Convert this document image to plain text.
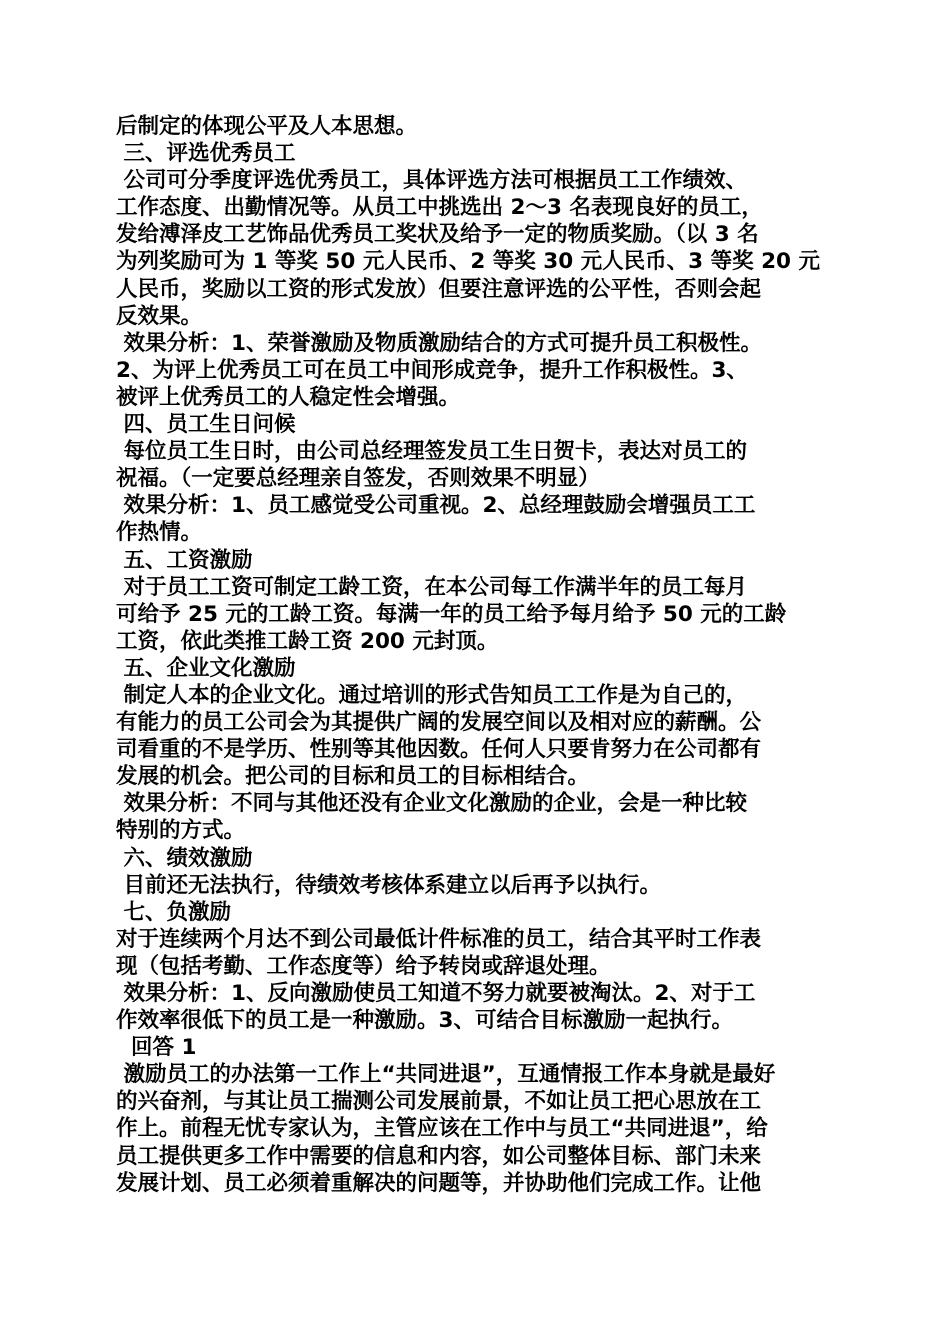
后制定的体现公平及人本思想。
三、评选优秀员工
公司可分季度评选优秀员工，具体评选方法可根据员工工作绩效、
工作态度、出勤情况等。从员工中挑选出 2～3 名表现良好的员工，
发给溥泽皮工艺饰品优秀员工奖状及给予一定的物质奖励。（以 3 名
为列奖励可为 1 等奖 50 元人民币、2 等奖 30 元人民币、3 等奖 20 元
人民币，奖励以工资的形式发放）但要注意评选的公平性，否则会起
反效果。
效果分析：1、荣誉激励及物质激励结合的方式可提升员工积极性。
2、为评上优秀员工可在员工中间形成竞争，提升工作积极性。3、
被评上优秀员工的人稳定性会增强。
四、员工生日问候
每位员工生日时，由公司总经理签发员工生日贺卡，表达对员工的
祝福。（一定要总经理亲自签发，否则效果不明显）
效果分析：1、员工感觉受公司重视。2、总经理鼓励会增强员工工
作热情。
五、工资激励
对于员工工资可制定工龄工资，在本公司每工作满半年的员工每月
可给予 25 元的工龄工资。每满一年的员工给予每月给予 50 元的工龄
工资，依此类推工龄工资 200 元封顶。
五、企业文化激励
制定人本的企业文化。通过培训的形式告知员工工作是为自己的，
有能力的员工公司会为其提供广阔的发展空间以及相对应的薪酬。公
司看重的不是学历、性别等其他因数。任何人只要肯努力在公司都有
发展的机会。把公司的目标和员工的目标相结合。
效果分析：不同与其他还没有企业文化激励的企业，会是一种比较
特别的方式。
六、绩效激励
目前还无法执行，待绩效考核体系建立以后再予以执行。
七、负激励
对于连续两个月达不到公司最低计件标准的员工，结合其平时工作表
现（包括考勤、工作态度等）给予转岗或辞退处理。
效果分析：1、反向激励使员工知道不努力就要被淘汰。2、对于工
作效率很低下的员工是一种激励。3、可结合目标激励一起执行。
回答 1
激励员工的办法第一工作上“共同进退”，互通情报工作本身就是最好
的兴奋剂，与其让员工揣测公司发展前景，不如让员工把心思放在工
作上。前程无忧专家认为，主管应该在工作中与员工“共同进退”，给
员工提供更多工作中需要的信息和内容，如公司整体目标、部门未来
发展计划、员工必须着重解决的问题等，并协助他们完成工作。让他
